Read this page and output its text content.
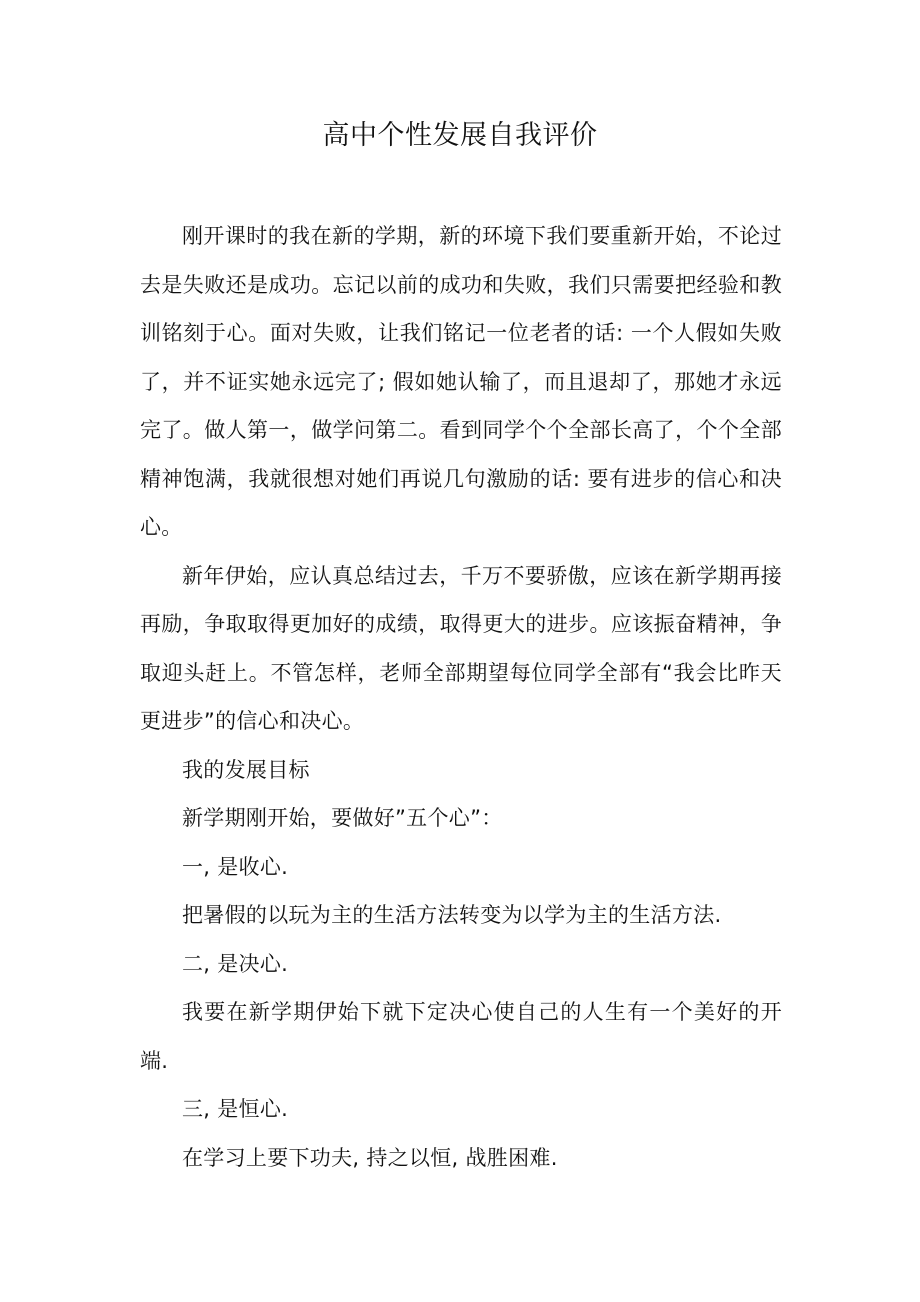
高中个性发展自我评价

刚开课时的我在新的学期，新的环境下我们要重新开始，不论过去是失败还是成功。忘记以前的成功和失败，我们只需要把经验和教训铭刻于心。面对失败，让我们铭记一位老者的话: 一个人假如失败了，并不证实她永远完了; 假如她认输了，而且退却了，那她才永远完了。做人第一，做学问第二。看到同学个个全部长高了，个个全部精神饱满，我就很想对她们再说几句激励的话: 要有进步的信心和决心。

新年伊始，应认真总结过去，千万不要骄傲，应该在新学期再接再励，争取取得更加好的成绩，取得更大的进步。应该振奋精神，争取迎头赶上。不管怎样，老师全部期望每位同学全部有“我会比昨天更进步”的信心和决心。

我的发展目标

新学期刚开始，要做好”五个心”：

一, 是收心.

把暑假的以玩为主的生活方法转变为以学为主的生活方法.

二, 是决心.

我要在新学期伊始下就下定决心使自己的人生有一个美好的开端.

三, 是恒心.

在学习上要下功夫, 持之以恒, 战胜困难.
